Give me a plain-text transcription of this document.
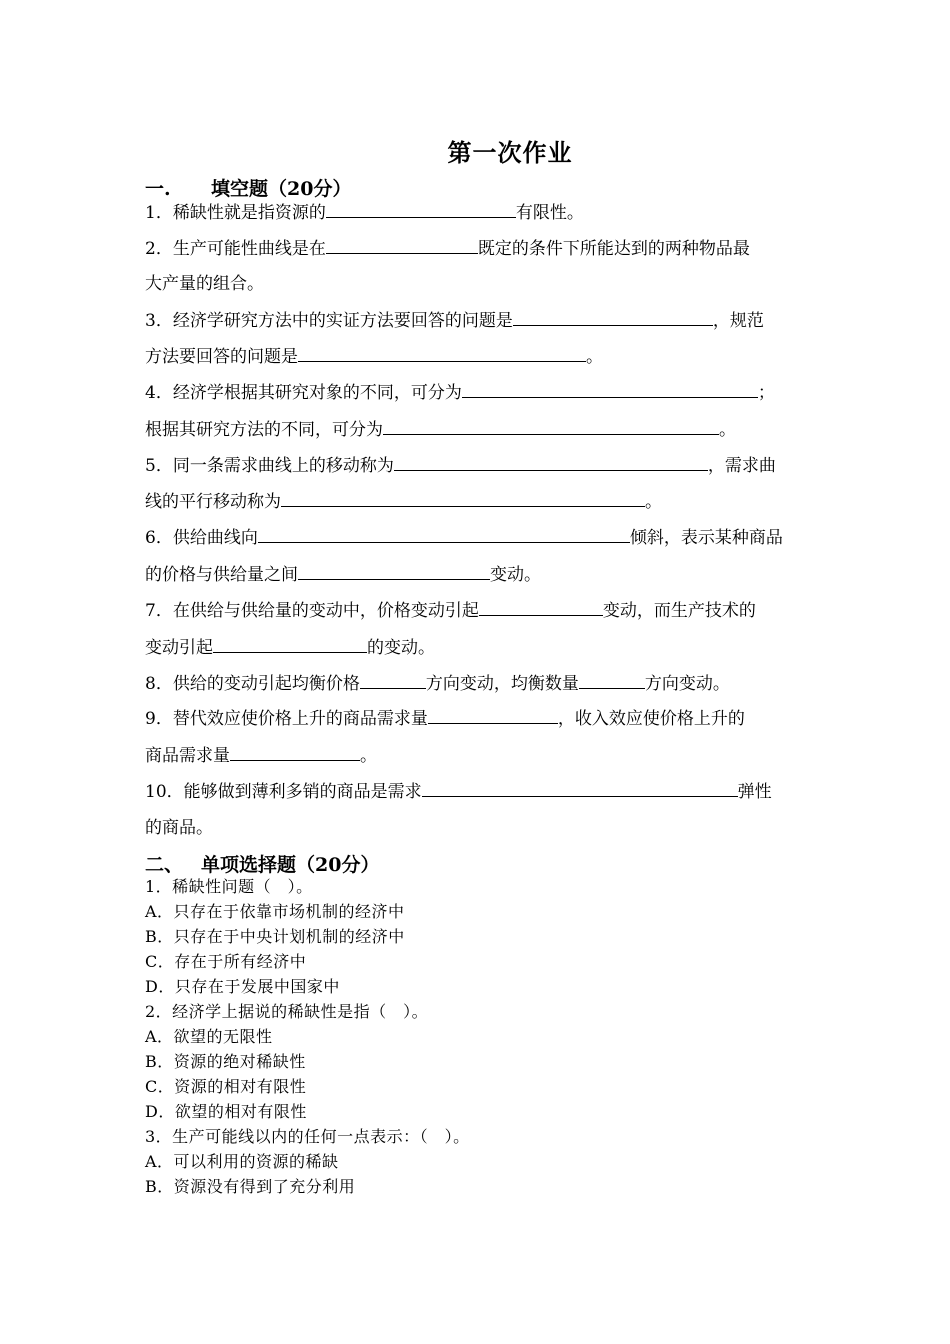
第一次作业
一. 填空题（20分）
1．稀缺性就是指资源的	有限性。
2．生产可能性曲线是在	既定的条件下所能达到的两种物品最
大产量的组合。
3．经济学研究方法中的实证方法要回答的问题是	，规范
方法要回答的问题是	。
4．经济学根据其研究对象的不同，可分为	；
根据其研究方法的不同，可分为	。
5．同一条需求曲线上的移动称为	，需求曲
线的平行移动称为	。
6．供给曲线向	倾斜，表示某种商品
的价格与供给量之间	变动。
7．在供给与供给量的变动中，价格变动引起	变动，而生产技术的
变动引起	的变动。
8．供给的变动引起均衡价格	方向变动，均衡数量	方向变动。
9．替代效应使价格上升的商品需求量	，收入效应使价格上升的
商品需求量	。
10．能够做到薄利多销的商品是需求	弹性
的商品。
二、 单项选择题（20分）
1．稀缺性问题（　）。
A．只存在于依靠市场机制的经济中
B．只存在于中央计划机制的经济中
C．存在于所有经济中
D．只存在于发展中国家中
2．经济学上据说的稀缺性是指（　）。
A．欲望的无限性
B．资源的绝对稀缺性
C．资源的相对有限性
D．欲望的相对有限性
3．生产可能线以内的任何一点表示：（　）。
A．可以利用的资源的稀缺
B．资源没有得到了充分利用
